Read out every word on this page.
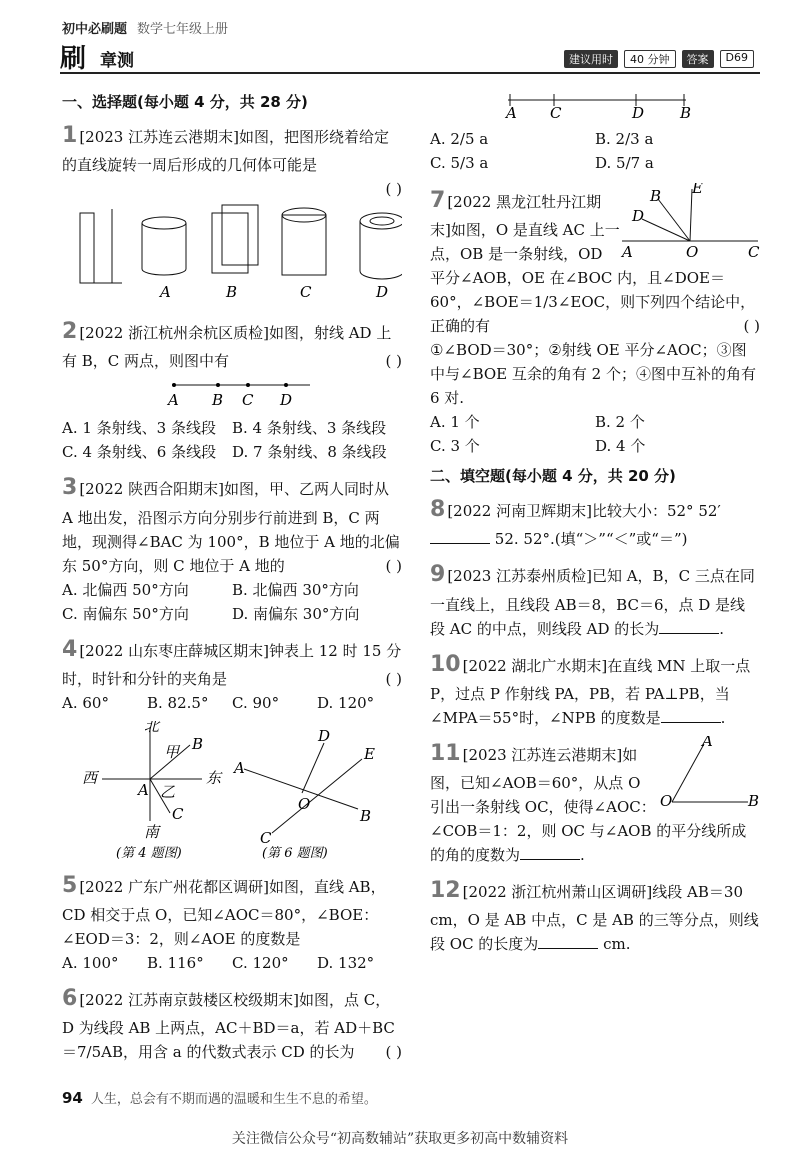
初中必刷题 数学七年级上册
刷 章测	建议用时	40 分钟	答案	D69
一、选择题(每小题 4 分，共 28 分)
1 [2023 江苏连云港期末]如图，把图形绕着给定的直线旋转一周后形成的几何体可能是
( )
A	B	C	D
2 [2022 浙江杭州余杭区质检]如图，射线 AD 上有 B，C 两点，则图中有	( )
A B C D
A. 1 条射线、3 条线段	B. 4 条射线、3 条线段
C. 4 条射线、6 条线段	D. 7 条射线、8 条线段
3 [2022 陕西合阳期末]如图，甲、乙两人同时从 A 地出发，沿图示方向分别步行前进到 B，C 两地，现测得∠BAC 为 100°，B 地位于 A 地的北偏东 50°方向，则 C 地位于 A 地的	( )
A. 北偏西 50°方向	B. 北偏西 30°方向
C. 南偏东 50°方向	D. 南偏东 30°方向
4 [2022 山东枣庄薛城区期末]钟表上 12 时 15 分时，时针和分针的夹角是	( )
A. 60°	B. 82.5°	C. 90°	D. 120°
北
南
西	东
甲
乙
A
B
C
(第 4 题图)
A
B
C
D
E
O
(第 6 题图)
5 [2022 广东广州花都区调研]如图，直线 AB，CD 相交于点 O，已知∠AOC＝80°，∠BOE：∠EOD＝3：2，则∠AOE 的度数是
A. 100°	B. 116°	C. 120°	D. 132°
6 [2022 江苏南京鼓楼区校级期末]如图，点 C，D 为线段 AB 上两点，AC＋BD＝a，若 AD＋BC＝7/5AB，用含 a 的代数式表示 CD 的长为 ( )
A C	D B
A. 2/5 a	B. 2/3 a
C. 5/3 a	D. 5/7 a
E
B
D
A	O	C
7 [2022 黑龙江牡丹江期末]如图，O 是直线 AC 上一点，OB 是一条射线，OD 平分∠AOB，OE 在∠BOC 内，且∠DOE＝60°，∠BOE＝1/3∠EOC，则下列四个结论中，正确的有	( )
①∠BOD＝30°；②射线 OE 平分∠AOC；③图中与∠BOE 互余的角有 2 个；④图中互补的角有 6 对.
A. 1 个	B. 2 个
C. 3 个	D. 4 个
二、填空题(每小题 4 分，共 20 分)
8 [2022 河南卫辉期末]比较大小：52° 52′
52. 52°.(填“＞”“＜”或“＝”)
9 [2023 江苏泰州质检]已知 A，B，C 三点在同一直线上，且线段 AB＝8，BC＝6，点 D 是线段 AC 的中点，则线段 AD 的长为	.
10 [2022 湖北广水期末]在直线 MN 上取一点 P，过点 P 作射线 PA，PB，若 PA⊥PB，当∠MPA＝55°时，∠NPB 的度数是	.
A
O	B
11 [2023 江苏连云港期末]如图，已知∠AOB＝60°，从点 O 引出一条射线 OC，使得∠AOC：∠COB＝1：2，则 OC 与∠AOB 的平分线所成的角的度数为	.
12 [2022 浙江杭州萧山区调研]线段 AB＝30 cm，O 是 AB 中点，C 是 AB 的三等分点，则线段 OC 的长度为	cm.
94 人生，总会有不期而遇的温暖和生生不息的希望。
关注微信公众号“初高数辅站”获取更多初高中数辅资料
